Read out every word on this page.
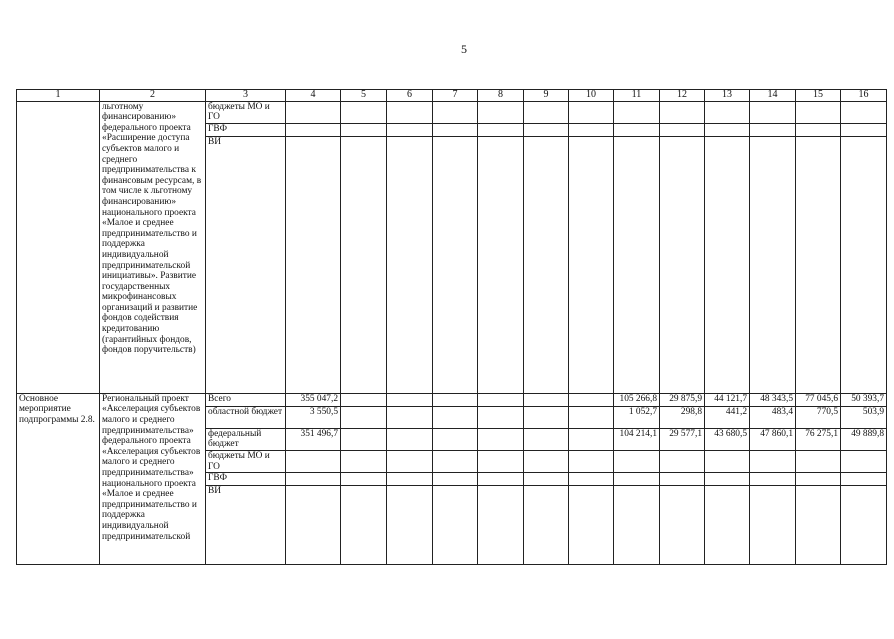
5
1	2	3	4	5	6	7	8	9	10	11	12	13	14	15	16
	льготному финансированию» федерального проекта «Расширение доступа субъектов малого и среднего предпринимательства к финансовым ресурсам, в том числе к льготному финансированию» национального проекта «Малое и среднее предпринимательство и поддержка индивидуальной предпринимательской инициативы». Развитие государственных микрофинансовых организаций и развитие фондов содействия кредитованию (гарантийных фондов, фондов поручительств)	бюджеты МО и ГО													
		ГВФ													
		ВИ													
Основное мероприятие подпрограммы 2.8.	Региональный проект «Акселерация субъектов малого и среднего предпринимательства» федерального проекта «Акселерация субъектов малого и среднего предпринимательства» национального проекта «Малое и среднее предпринимательство и поддержка индивидуальной предпринимательской	Всего	355 047,2							105 266,8	29 875,9	44 121,7	48 343,5	77 045,6	50 393,7
		областной бюджет	3 550,5							1 052,7	298,8	441,2	483,4	770,5	503,9
		федеральный бюджет	351 496,7							104 214,1	29 577,1	43 680,5	47 860,1	76 275,1	49 889,8
		бюджеты МО и ГО													
		ГВФ													
		ВИ													
